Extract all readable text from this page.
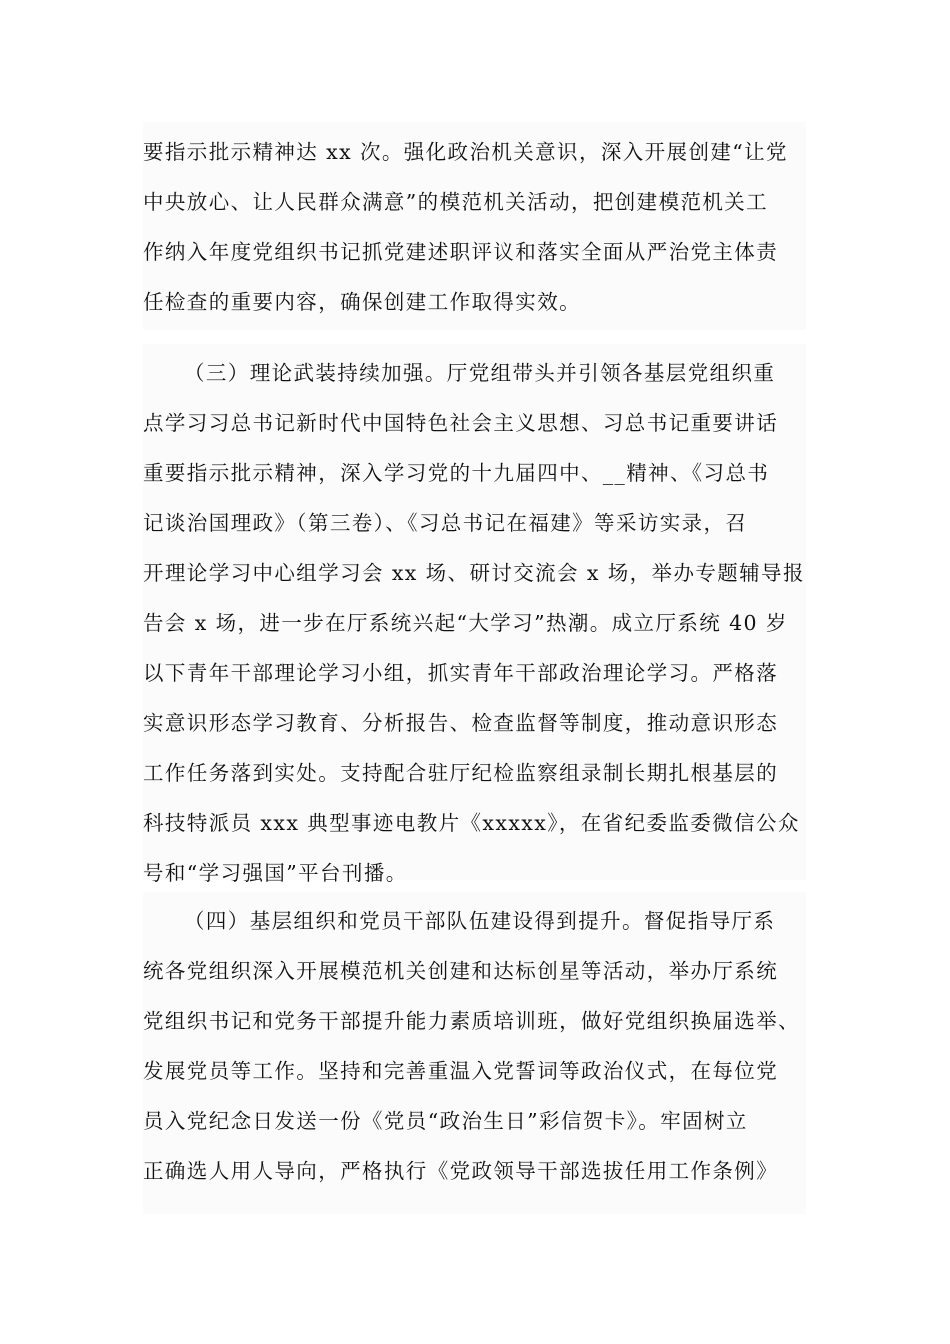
要指示批示精神达 xx 次。强化政治机关意识，深入开展创建“让党
中央放心、让人民群众满意”的模范机关活动，把创建模范机关工
作纳入年度党组织书记抓党建述职评议和落实全面从严治党主体责
任检查的重要内容，确保创建工作取得实效。
（三）理论武装持续加强。厅党组带头并引领各基层党组织重
点学习习总书记新时代中国特色社会主义思想、习总书记重要讲话
重要指示批示精神，深入学习党的十九届四中、__精神、《习总书
记谈治国理政》（第三卷）、《习总书记在福建》等采访实录，召
开理论学习中心组学习会 xx 场、研讨交流会 x 场，举办专题辅导报
告会 x 场，进一步在厅系统兴起“大学习”热潮。成立厅系统 40 岁
以下青年干部理论学习小组，抓实青年干部政治理论学习。严格落
实意识形态学习教育、分析报告、检查监督等制度，推动意识形态
工作任务落到实处。支持配合驻厅纪检监察组录制长期扎根基层的
科技特派员 xxx 典型事迹电教片《xxxxx》，在省纪委监委微信公众
号和“学习强国”平台刊播。
（四）基层组织和党员干部队伍建设得到提升。督促指导厅系
统各党组织深入开展模范机关创建和达标创星等活动，举办厅系统
党组织书记和党务干部提升能力素质培训班，做好党组织换届选举、
发展党员等工作。坚持和完善重温入党誓词等政治仪式，在每位党
员入党纪念日发送一份《党员“政治生日”彩信贺卡》。牢固树立
正确选人用人导向，严格执行《党政领导干部选拔任用工作条例》
